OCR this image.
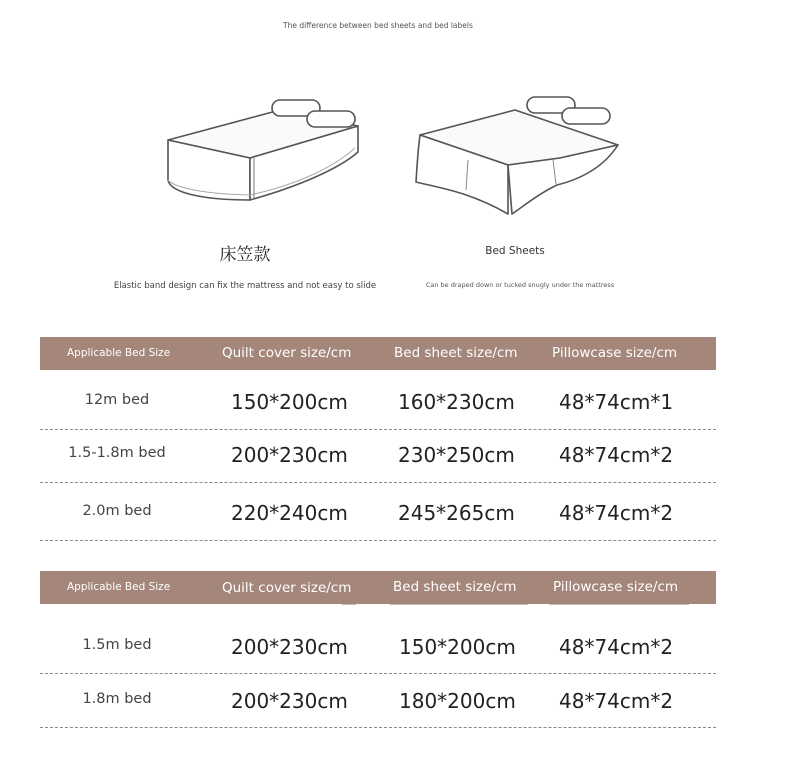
The difference between bed sheets and bed labels
床笠款	Bed Sheets
Elastic band design can fix the mattress and not easy to slide	Can be draped down or tucked snugly under the mattress
Applicable Bed Size	Quilt cover size/cm	Bed sheet size/cm	Pillowcase size/cm
12m bed	150*200cm	160*230cm 48*74cm*1
1.5-1.8m bed	200*230cm	230*250cm 48*74cm*2
2.0m bed	220*240cm	245*265cm 48*74cm*2
Applicable Bed Size	Quilt cover size/cm	Bed sheet size/cm	Pillowcase size/cm
1.5m bed	200*230cm	150*200cm 48*74cm*2
1.8m bed	200*230cm	180*200cm 48*74cm*2
